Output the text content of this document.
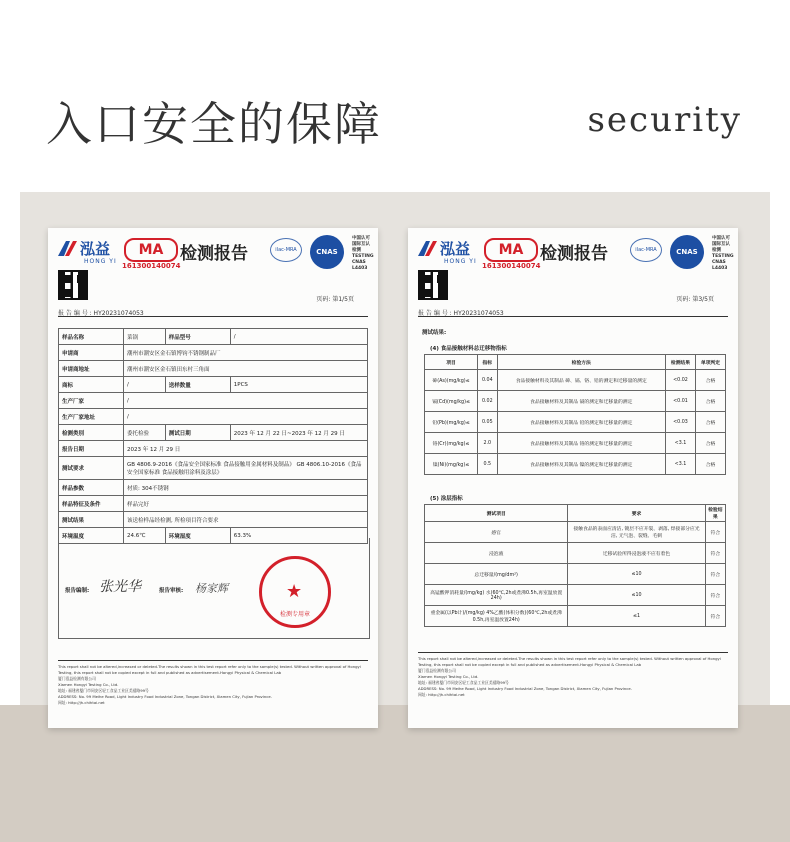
入口安全的保障	security
泓益
HONG YI
MA
161300140074
检测报告	ilac-MRA	CNAS
中国认可 国际互认 检测 TESTING CNAS L4403
页码: 第1/5页
报 告 编 号 : HY20231074053
样品名称	菜锅	样品型号	/
申请商	潮州市潮安区金石镇博钧不锈钢制品厂		
申请商地址	潮州市潮安区金石镇田东村三角面		
商标	/	送样数量	1PCS
生产厂家	/		
生产厂家地址	/		
检测类别	委托检验	测试日期	2023 年 12 月 22 日~2023 年 12 月 29 日
报告日期	2023 年 12 月 29 日		
测试要求	GB 4806.9-2016《食品安全国家标准 食品接触用金属材料及制品》 GB 4806.10-2016《食品安全国家标准 食品接触用涂料及涂层》		
样品参数	材质: 304不锈钢		
样品特征及条件	样品完好		
测试结果	该送检样品经检测, 所检项目符合要求		
环境温度	24.6℃	环境湿度	63.3%
报告编制: 张光华	报告审核: 杨家辉	★
检测专用章
This report shall not be altered,increased or deleted.The results shown in this test report refer only to the sample(s) tested. Without written approval of Hongyi Testing, this report shall not be copied except in full and published as advertisement.Hongyi Physical & Chemical Lab
厦门泓益检测有限公司
Xiamen Hongyi Testing Co., Ltd.
地址: 福建省厦门市同安区轻工食品工业区美禧路99号
ADDRESS: No. 99 Meihe Road, Light Industry Food Industrial Zone, Tongan District, Xiamen City, Fujian Province.
网址: http://jh.chihtai.net
泓益
HONG YI
MA
161300140074
检测报告	ilac-MRA	CNAS
中国认可 国际互认 检测 TESTING CNAS L4403
页码: 第3/5页
报 告 编 号 : HY20231074053
测试结果:
(4) 食品接触材料总迁移物指标
项目	指标	检验方法	检测结果	单项判定
砷(As)(mg/kg)≤	0.04	食品接触材料及其制品 砷、镉、铬、铅的测定和迁移量的测定	<0.02	合格
镉(Cd)(mg/kg)≤	0.02	食品接触材料及其制品 镉的测定和迁移量的测定	<0.01	合格
铅(Pb)(mg/kg)≤	0.05	食品接触材料及其制品 铅的测定和迁移量的测定	<0.03	合格
铬(Cr)(mg/kg)≤	2.0	食品接触材料及其制品 铬的测定和迁移量的测定	<3.1	合格
镍(Ni)(mg/kg)≤	0.5	食品接触材料及其制品 镍的测定和迁移量的测定	<3.1	合格
(5) 涂层指标
测试项目	要求	检验结果
感官	接触食品的表面应清洁, 镀层不应开裂、剥落, 焊接部分应光洁, 无气泡、裂缝、毛刺	符合
浸泡液	迁移试验所得浸泡液不应有着色	符合
总迁移量/(mg/dm²)	≤10	符合
高锰酸钾消耗量/(mg/kg) 水(60℃,2h或煮沸0.5h,再室温放置24h)	≤10	符合
重金属(以Pb计)/(mg/kg) 4%乙酸(体积分数)(60℃,2h或煮沸0.5h,再室温放置24h)	≤1	符合
This report shall not be altered,increased or deleted.The results shown in this test report refer only to the sample(s) tested. Without written approval of Hongyi Testing, this report shall not be copied except in full and published as advertisement.Hongyi Physical & Chemical Lab
厦门泓益检测有限公司
Xiamen Hongyi Testing Co., Ltd.
地址: 福建省厦门市同安区轻工食品工业区美禧路99号
ADDRESS: No. 99 Meihe Road, Light Industry Food Industrial Zone, Tongan District, Xiamen City, Fujian Province.
网址: http://jh.chihtai.net
